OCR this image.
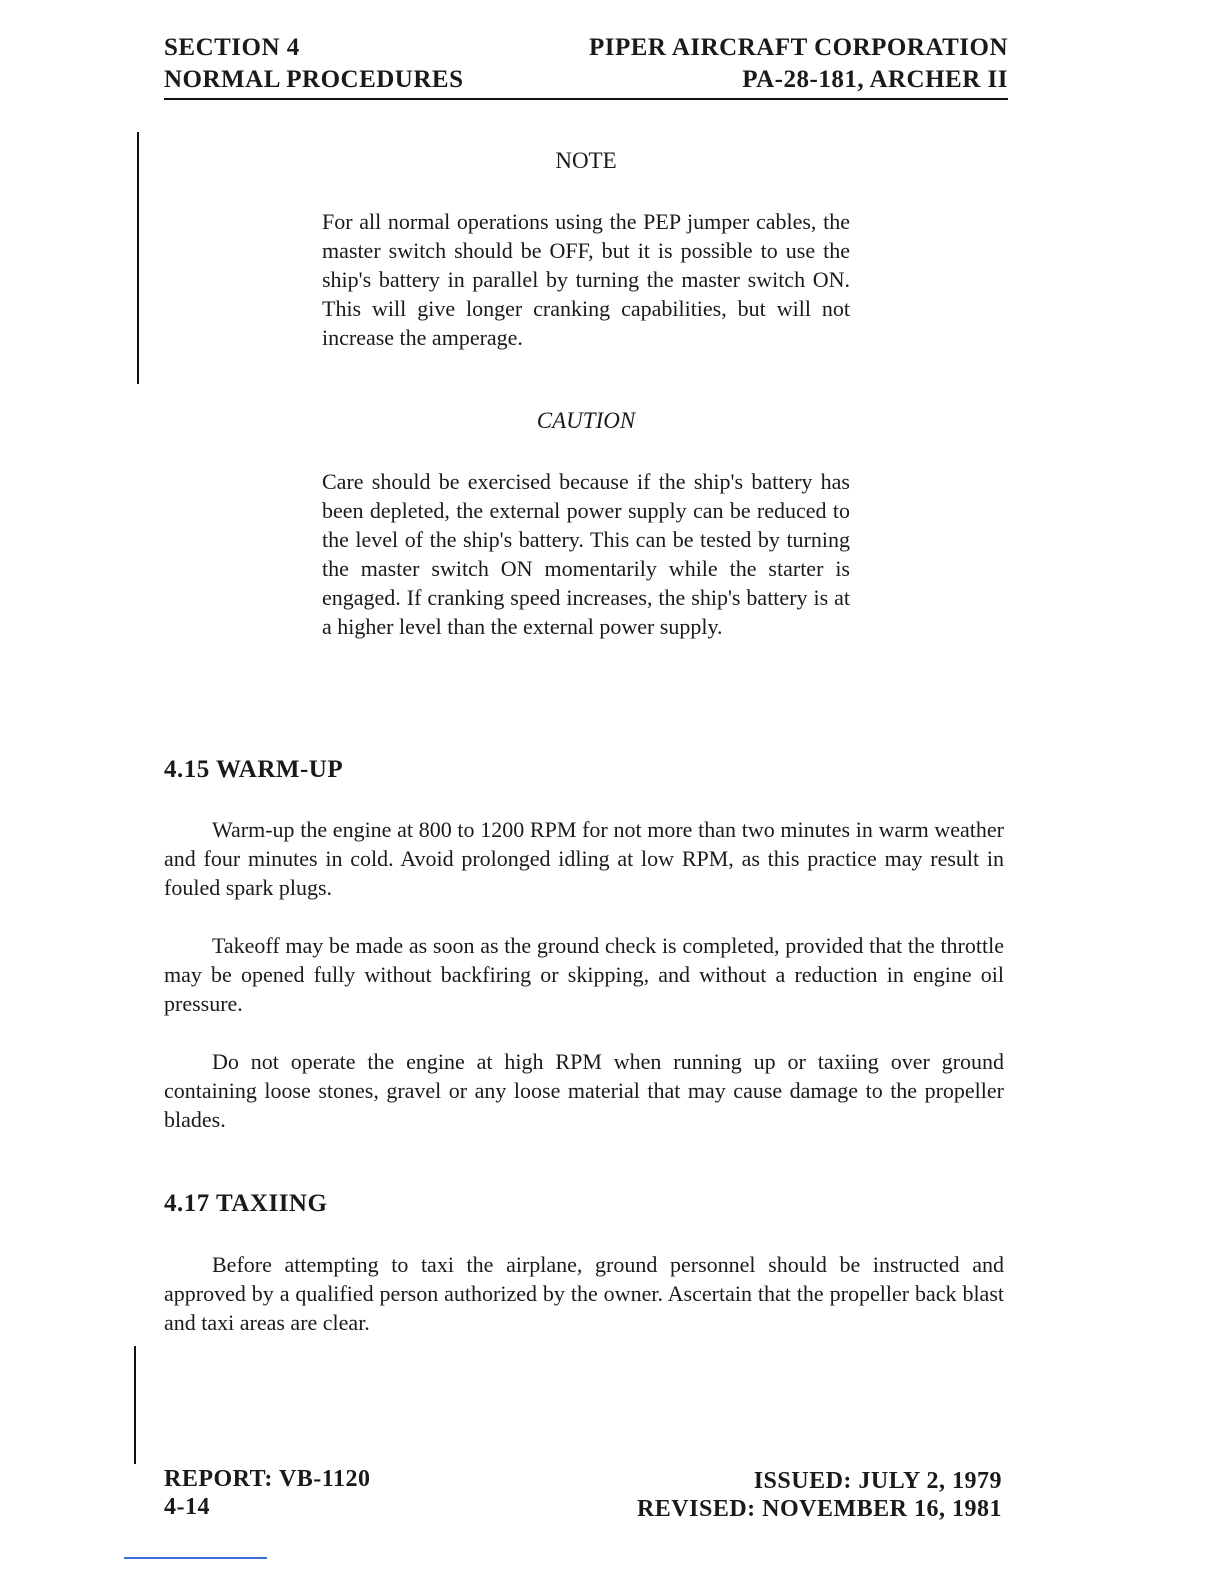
SECTION 4
NORMAL PROCEDURES
PIPER AIRCRAFT CORPORATION
PA-28-181, ARCHER II
NOTE
For all normal operations using the PEP jumper cables, the master switch should be OFF, but it is possible to use the ship's battery in parallel by turning the master switch ON. This will give longer cranking capabilities, but will not increase the amperage.
CAUTION
Care should be exercised because if the ship's battery has been depleted, the external power supply can be reduced to the level of the ship's battery. This can be tested by turning the master switch ON momentarily while the starter is engaged. If cranking speed increases, the ship's battery is at a higher level than the external power supply.
4.15 WARM-UP
Warm-up the engine at 800 to 1200 RPM for not more than two minutes in warm weather and four minutes in cold. Avoid prolonged idling at low RPM, as this practice may result in fouled spark plugs.
Takeoff may be made as soon as the ground check is completed, provided that the throttle may be opened fully without backfiring or skipping, and without a reduction in engine oil pressure.
Do not operate the engine at high RPM when running up or taxiing over ground containing loose stones, gravel or any loose material that may cause damage to the propeller blades.
4.17 TAXIING
Before attempting to taxi the airplane, ground personnel should be instructed and approved by a qualified person authorized by the owner. Ascertain that the propeller back blast and taxi areas are clear.
REPORT: VB-1120
4-14
ISSUED: JULY 2, 1979
REVISED: NOVEMBER 16, 1981
